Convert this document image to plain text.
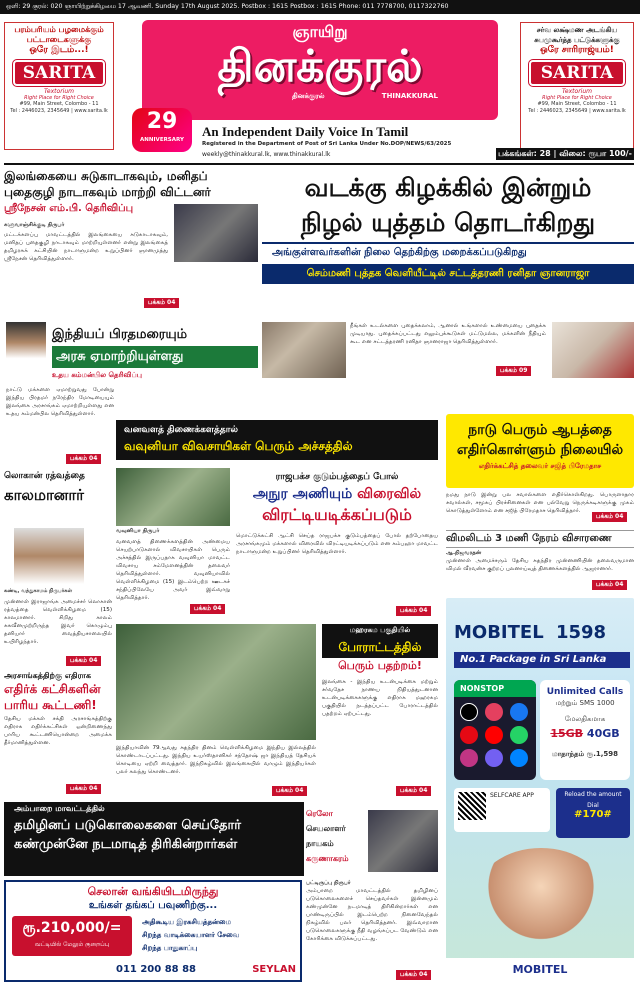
ஒளி: 29 குரல்: 020 ஞாயிற்றுக்கிழமை 17 ஆவணி. Sunday 17th August 2025. Postbox : 1615 Postbox : 1615 Phone: 011 7778700, 0117322760
பரம்பரியம் பழமைக்கும்
பட்டாடைகளுக்கு
ஒரே இடம்...!
SARITA
Textorium
Right Place for Right Choice
#99, Main Street, Colombo - 11
Tel : 2446023, 2345649 | www.sarita.lk
சர்வ லக்ஷ்மண அடங்கிய
சுபமுகூர்த்த பட்டுக்களுக்கு
ஒரே சாரிராஜ்யம்!
SARITA
Textorium
Right Place for Right Choice
#99, Main Street, Colombo - 11
Tel : 2446023, 2345649 | www.sarita.lk
ஞாயிறு
தினக்குரல்
தினக்குரல்	THINAKKURAL
29
ANNIVERSARY
An Independent Daily Voice In Tamil
Registered in the Department of Post of Sri Lanka Under No.DOP/NEWS/63/2025
weekly@thinakkural.lk, www.thinakkural.lk	பக்கங்கள்: 28 | விலை: ரூபா 100/-
இலங்கையை சுடுகாடாகவும், மனிதப் புதைகுழி நாடாகவும் மாற்றி விட்டனர்
ஸ்ரீநேசன் எம்.பி. தெரிவிப்பு
களுவாஞ்சிக்குடி நிருபர்
மட்டக்களப்பு மாவட்டத்தில் இலங்கையை சுடுகாடாகவும், மனிதப் புதைகுழி நாடாகவும் மாற்றியுள்ளனர் என்று இலங்கைத் தமிழரசுக் கட்சியின் நாடாளுமன்ற உறுப்பினர் ஞானமுத்து ஸ்ரீநேசன் தெரிவித்துள்ளார்.
பக்கம் 04
வடக்கு கிழக்கில் இன்றும்
நிழல் யுத்தம் தொடர்கிறது
அங்குள்ளவர்களின் நிலை தெற்கிற்கு மறைக்கப்படுகிறது
செம்மணி புத்தக வெளியீட்டில் சட்டத்தரணி ரனிதா ஞானராஜா
நீங்கள் உடல்களை புதைக்கலாம், ஆனால் உங்களால் உண்மையை புதைக்க முடியாது. புதைக்கப்பட்டது எலும்புக்கூடுகள் மட்டுமல்ல, மக்களின் நீதியும் கூட என சட்டத்தரணி ரனிதா ஞானராஜா தெரிவித்துள்ளார்.
பக்கம் 09
இந்தியப் பிரதமரையும்
அரசு ஏமாற்றியுள்ளது
உதய கம்மன்பில தெரிவிப்பு
நாட்டு மக்களை ஏமாற்றுவது போன்று இந்திய பிரதமர் நரேந்திர மோடியையும் இலங்கை அரசாங்கம் ஏமாற்றியுள்ளது என உதய கம்மன்பில தெரிவித்துள்ளார்.
பக்கம் 04
வனவளத் திணைக்களத்தால்
வவுனியா விவசாயிகள் பெரும் அச்சத்தில்
வவுனியா நிருபர்
வனவளத் திணைக்களத்தின் அண்மைய செயற்பாடுகளால் விவசாயிகள் பெரும் அச்சத்தில் இருப்பதாக வவுனியா மாவட்ட விவசாய சம்மேளனத்தின் தலைவர் தெரிவித்துள்ளார். வவுனியாவில் வெள்ளிக்கிழமை (15) இடம்பெற்ற ஊடகச் சந்திப்பிலேயே அவர் இவ்வாறு தெரிவித்தார்.
பக்கம் 04
ராஜபக்ச குடும்பத்தைப் போல்
அநுர அணியும் விரைவில்
விரட்டியடிக்கப்படும்
மொட்டுக்கட்சி ஆட்சி செய்த ராஜபக்ச குடும்பத்தைப் போல் தற்போதைய அரசாங்கமும் மக்களால் விரைவில் விரட்டியடிக்கப்படும் என கம்பஹா மாவட்ட நாடாளுமன்ற உறுப்பினர் தெரிவித்துள்ளார்.
பக்கம் 04
நாடு பெரும் ஆபத்தை
எதிர்கொள்ளும் நிலையில்
எதிர்க்கட்சித் தலைவர் சஜித் பிரேமதாச
நமது நாடு இன்று பல சவால்களை எதிர்கொள்கிறது. பொருளாதார சவால்கள், சமூகப் பிரச்சினைகள் என பல்வேறு நெருக்கடிகளுக்கு முகம் கொடுத்துள்ளோம் என சஜித் பிரேமதாச தெரிவித்தார்.
பக்கம் 04
லொகான் ரத்வத்தை
காலமானார்
கண்டி, வத்துகாமம் நிருபர்கள்
முன்னாள் இராஜாங்க அமைச்சர் லொகான் ரத்வத்தை வெள்ளிக்கிழமை (15) காலமானார். சிறிது காலம் சுகவீனமுற்றிருந்த இவர் கொழும்பு தனியார் வைத்தியசாலையில் உயிரிழந்தார்.
பக்கம் 04
விமலிடம் 3 மணி நேரம் விசாரணை
ஆ.நிஜவரதன்
முன்னாள் அமைச்சரும் தேசிய சுதந்திர முன்னணியின் தலைவருமான விமல் வீரவன்ச குற்றப் புலனாய்வுத் திணைக்களத்தில் ஆஜரானார்.
பக்கம் 04
MOBITEL 1598
No.1 Package in Sri Lanka
NONSTOP	Unlimited Calls
மற்றும் SMS 1000
மேலதிகமாக
15GB 40GB
மாதாந்தம் ரூ.1,598
SELFCARE APP	Reload the amount
Dial
#170#
MOBITEL
அரசாங்கத்திற்கு எதிராக
எதிர்க் கட்சிகளின்
பாரிய கூட்டணி!
தேசிய மக்கள் சக்தி அரசாங்கத்திற்கு எதிராக எதிர்க்கட்சிகள் ஒன்றிணைந்து பாரிய கூட்டணியொன்றை அமைக்க தீர்மானித்துள்ளன.
பக்கம் 04
இந்தியாவின் 79ஆவது சுதந்திர தினம் வெள்ளிக்கிழமை இந்திய இல்லத்தில் கொண்டாடப்பட்டது. இந்திய உயர்ஸ்தானிகர் சந்தோஷ் ஜா இந்தியத் தேசியக் கொடியை ஏற்றி வைத்தார். இந்நிகழ்வில் இலங்கையில் வாழும் இந்தியர்கள் பலர் கலந்து கொண்டனர்.
பக்கம் 04
மஹரகம பகுதியில்
போராட்டத்தில்
பெரும் பதற்றம்!
இலங்கை - இந்திய உடன்படிக்கை மற்றும் சர்வதேச நாணய நிதியத்துடனான உடன்படிக்கைகளுக்கு எதிராக மஹரகம பகுதியில் நடத்தப்பட்ட போராட்டத்தில் பதற்றம் ஏற்பட்டது.
பக்கம் 04
அம்பாறை மாவட்டத்தில்
தமிழினப் படுகொலைகளை செய்தோர்
கண்முன்னே நடமாடித் திரிகின்றார்கள்
ரெலோ
செயலாளர்
நாயகம்
கருணாகரம்
பட்டிருப்பு நிருபர்
அம்பாறை மாவட்டத்தில் தமிழினப் படுகொலைகளைச் செய்தவர்கள் இன்னமும் கண்முன்னே நடமாடித் திரிகின்றார்கள் என பாண்டிருப்பில் இடம்பெற்ற நினைவேந்தல் நிகழ்வில் பலர் தெரிவித்தனர். இவ்வாறான படுகொலைகளுக்கு நீதி வழங்கப்பட வேண்டும் என கோரிக்கை விடுக்கப்பட்டது.
பக்கம் 04
செலான் வங்கியிடமிருந்து
உங்கள் தங்கப் பவுணிற்கு...
ரூ.210,000/=
வட்டியில் மேலும் குறைப்பு
அதிகூடிய இரகசியத்தன்மை
சிறந்த வாடிக்கையாளர் சேவை
சிறந்த பாதுகாப்பு
011 200 88 88	SEYLAN
